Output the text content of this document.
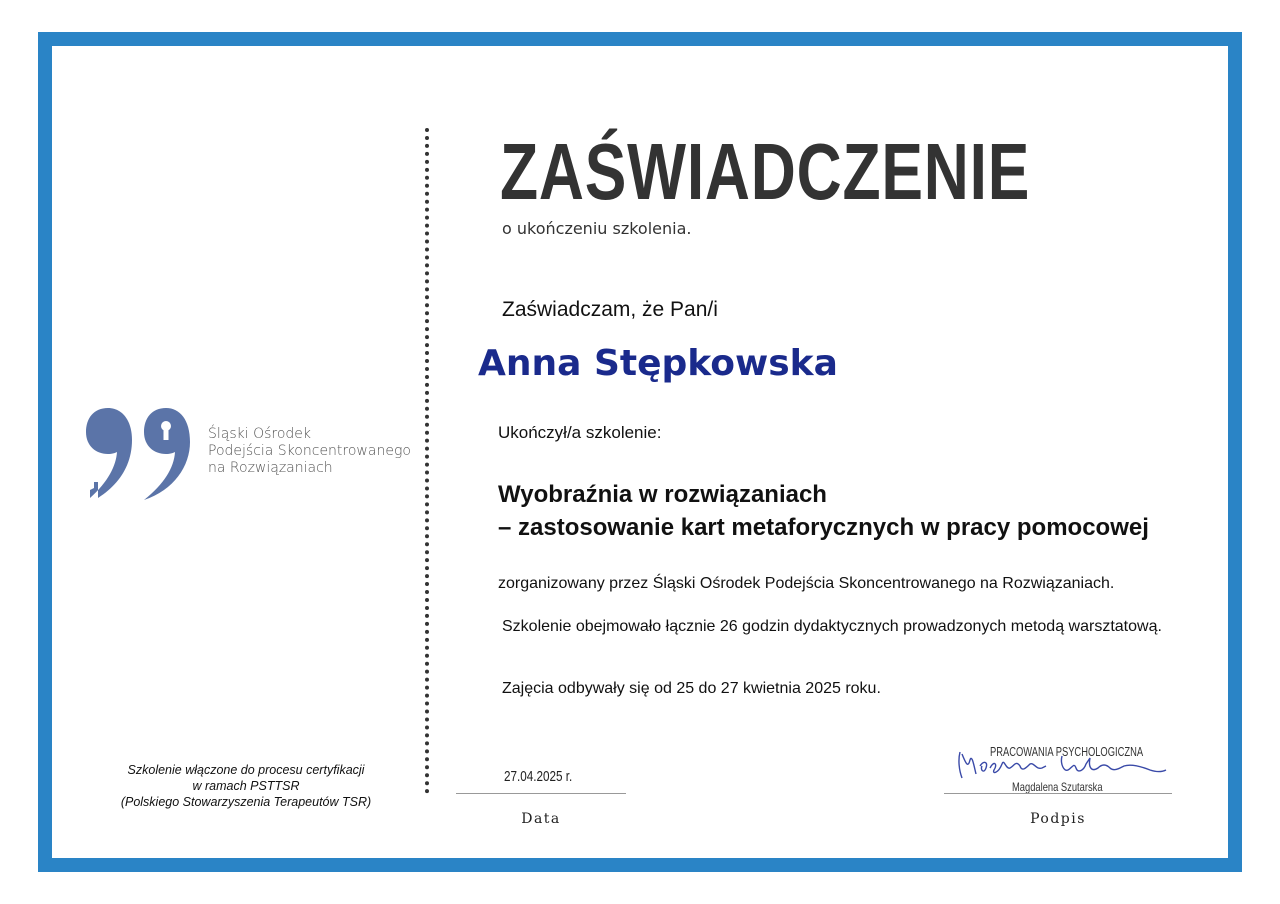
Śląski Ośrodek
Podejścia Skoncentrowanego
na Rozwiązaniach
Szkolenie włączone do procesu certyfikacji
w ramach PSTTSR
(Polskiego Stowarzyszenia Terapeutów TSR)
ZAŚWIADCZENIE
o ukończeniu szkolenia.
Zaświadczam, że Pan/i
Anna Stępkowska
Ukończył/a szkolenie:
Wyobraźnia w rozwiązaniach
– zastosowanie kart metaforycznych w pracy pomocowej
zorganizowany przez Śląski Ośrodek Podejścia Skoncentrowanego na Rozwiązaniach.
Szkolenie obejmowało łącznie 26 godzin dydaktycznych prowadzonych metodą warsztatową.
Zajęcia odbywały się od 25 do 27 kwietnia 2025 roku.
27.04.2025 r.
Data
PRACOWANIA PSYCHOLOGICZNA
Magdalena Szutarska
Podpis
